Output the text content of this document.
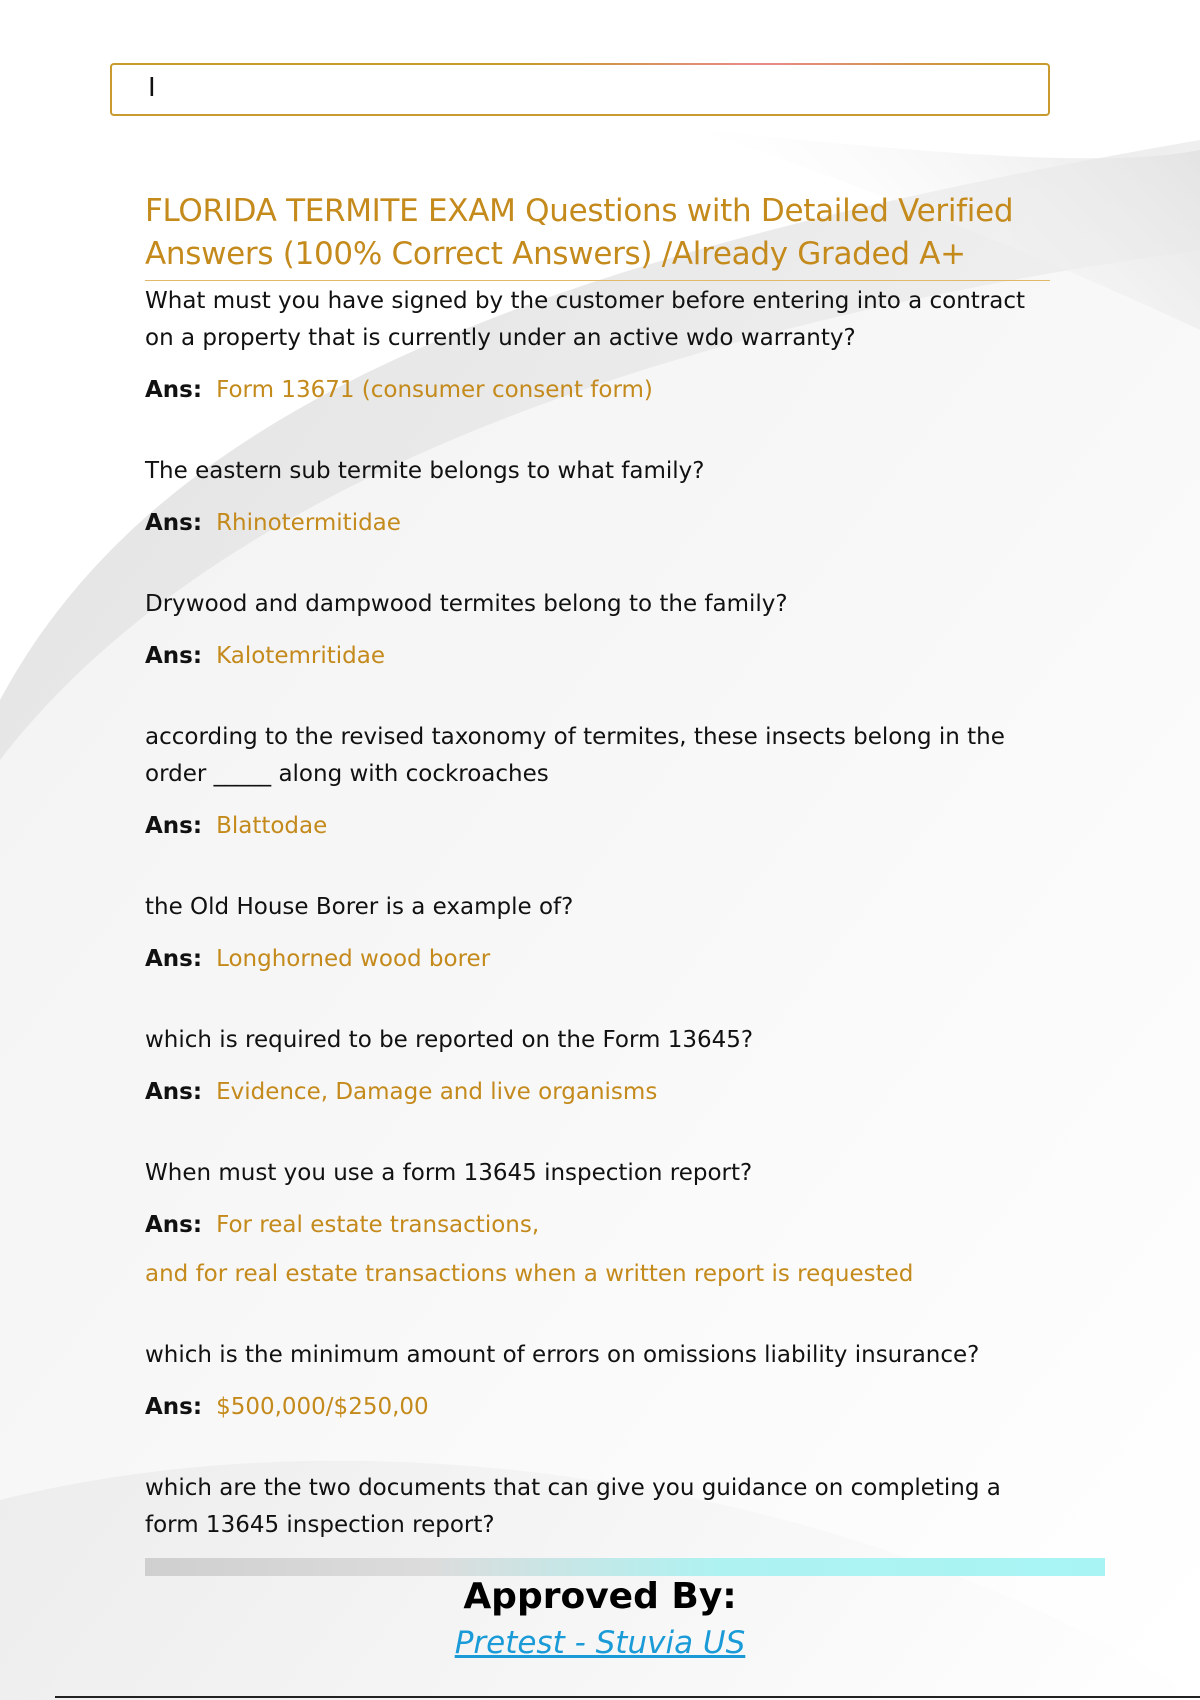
I
FLORIDA TERMITE EXAM Questions with Detailed Verified Answers (100% Correct Answers) /Already Graded A+

What must you have signed by the customer before entering into a contract on a property that is currently under an active wdo warranty?

Ans: Form 13671 (consumer consent form)

The eastern sub termite belongs to what family?

Ans: Rhinotermitidae

Drywood and dampwood termites belong to the family?

Ans: Kalotemritidae

according to the revised taxonomy of termites, these insects belong in the order _____ along with cockroaches

Ans: Blattodae

the Old House Borer is a example of?

Ans: Longhorned wood borer

which is required to be reported on the Form 13645?

Ans: Evidence, Damage and live organisms

When must you use a form 13645 inspection report?

Ans: For real estate transactions,
and for real estate transactions when a written report is requested

which is the minimum amount of errors on omissions liability insurance?

Ans: $500,000/$250,00

which are the two documents that can give you guidance on completing a form 13645 inspection report?

Approved By:
Pretest - Stuvia US
